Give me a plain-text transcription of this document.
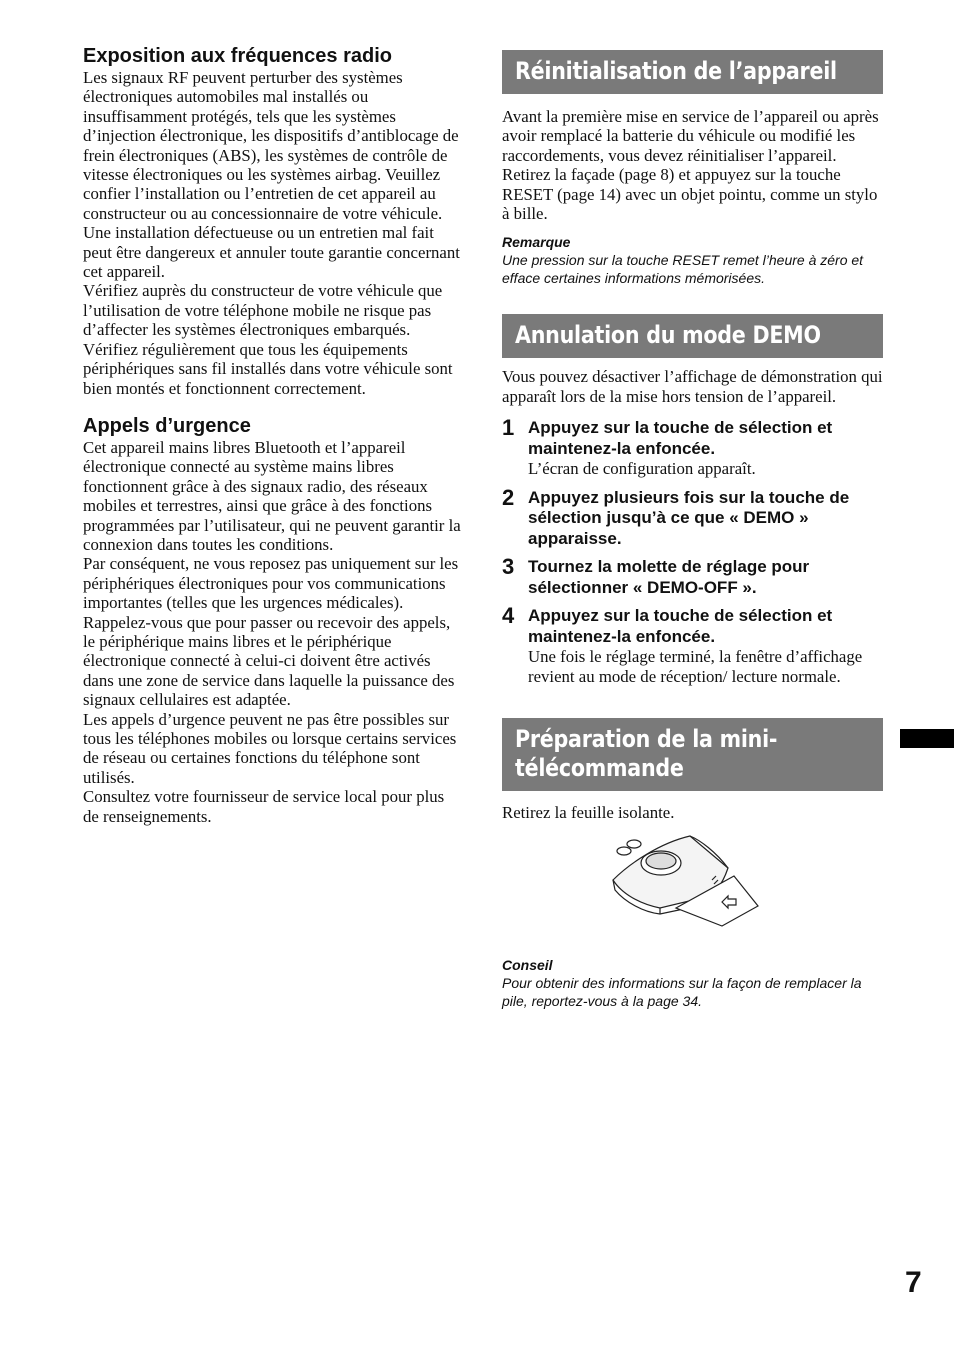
Exposition aux fréquences radio

Les signaux RF peuvent perturber des systèmes électroniques automobiles mal installés ou insuffisamment protégés, tels que les systèmes d’injection électronique, les dispositifs d’antiblocage de frein électroniques (ABS), les systèmes de contrôle de vitesse électroniques ou les systèmes airbag. Veuillez confier l’installation ou l’entretien de cet appareil au constructeur ou au concessionnaire de votre véhicule. Une installation défectueuse ou un entretien mal fait peut être dangereux et annuler toute garantie concernant cet appareil.

Vérifiez auprès du constructeur de votre véhicule que l’utilisation de votre téléphone mobile ne risque pas d’affecter les systèmes électroniques embarqués.

Vérifiez régulièrement que tous les équipements périphériques sans fil installés dans votre véhicule sont bien montés et fonctionnent correctement.

Appels d’urgence

Cet appareil mains libres Bluetooth et l’appareil électronique connecté au système mains libres fonctionnent grâce à des signaux radio, des réseaux mobiles et terrestres, ainsi que grâce à des fonctions programmées par l’utilisateur, qui ne peuvent garantir la connexion dans toutes les conditions.

Par conséquent, ne vous reposez pas uniquement sur les périphériques électroniques pour vos communications importantes (telles que les urgences médicales).

Rappelez-vous que pour passer ou recevoir des appels, le périphérique mains libres et le périphérique électronique connecté à celui-ci doivent être activés dans une zone de service dans laquelle la puissance des signaux cellulaires est adaptée.

Les appels d’urgence peuvent ne pas être possibles sur tous les téléphones mobiles ou lorsque certains services de réseau ou certaines fonctions du téléphone sont utilisés.

Consultez votre fournisseur de service local pour plus de renseignements.

Réinitialisation de l’appareil

Avant la première mise en service de l’appareil ou après avoir remplacé la batterie du véhicule ou modifié les raccordements, vous devez réinitialiser l’appareil.

Retirez la façade (page 8) et appuyez sur la touche RESET (page 14) avec un objet pointu, comme un stylo à bille.

Remarque

Une pression sur la touche RESET remet l’heure à zéro et efface certaines informations mémorisées.

Annulation du mode DEMO

Vous pouvez désactiver l’affichage de démonstration qui apparaît lors de la mise hors tension de l’appareil.

1 Appuyez sur la touche de sélection et maintenez-la enfoncée.

L’écran de configuration apparaît.

2 Appuyez plusieurs fois sur la touche de sélection jusqu’à ce que « DEMO » apparaisse.

3 Tournez la molette de réglage pour sélectionner « DEMO-OFF ».

4 Appuyez sur la touche de sélection et maintenez-la enfoncée.

Une fois le réglage terminé, la fenêtre d’affichage revient au mode de réception/ lecture normale.

Préparation de la mini-
télécommande

Retirez la feuille isolante.

Conseil

Pour obtenir des informations sur la façon de remplacer la pile, reportez-vous à la page 34.

7
